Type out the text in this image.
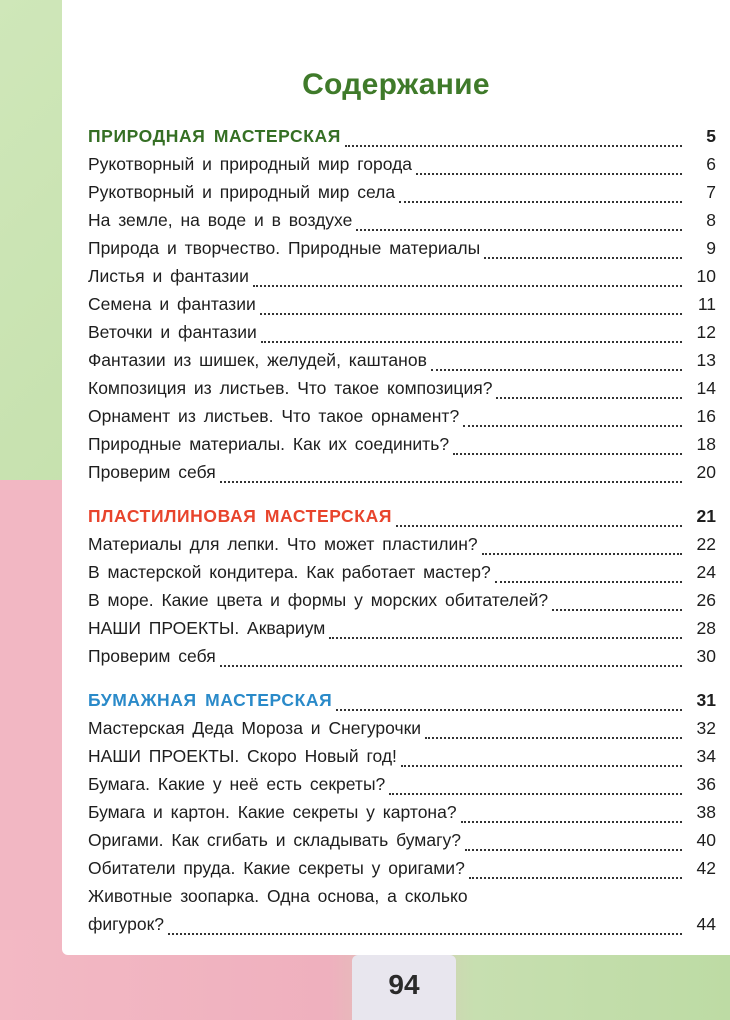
Содержание
ПРИРОДНАЯ МАСТЕРСКАЯ	5
Рукотворный и природный мир города	6
Рукотворный и природный мир села	7
На земле, на воде и в воздухе	8
Природа и творчество. Природные материалы	9
Листья и фантазии	10
Семена и фантазии	11
Веточки и фантазии	12
Фантазии из шишек, желудей, каштанов	13
Композиция из листьев. Что такое композиция?	14
Орнамент из листьев. Что такое орнамент?	16
Природные материалы. Как их соединить?	18
Проверим себя	20
ПЛАСТИЛИНОВАЯ МАСТЕРСКАЯ	21
Материалы для лепки. Что может пластилин?	22
В мастерской кондитера. Как работает мастер?	24
В море. Какие цвета и формы у морских обитателей?	26
НАШИ ПРОЕКТЫ. Аквариум	28
Проверим себя	30
БУМАЖНАЯ МАСТЕРСКАЯ	31
Мастерская Деда Мороза и Снегурочки	32
НАШИ ПРОЕКТЫ. Скоро Новый год!	34
Бумага. Какие у неё есть секреты?	36
Бумага и картон. Какие секреты у картона?	38
Оригами. Как сгибать и складывать бумагу?	40
Обитатели пруда. Какие секреты у оригами?	42
Животные зоопарка. Одна основа, а сколько
фигурок?	44
94
